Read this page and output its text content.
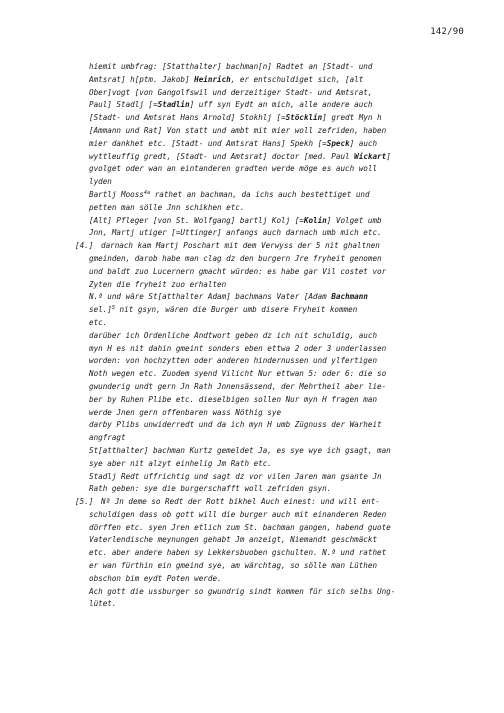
142/90
hiemit umbfrag: [Statthalter] bachman[n] Radtet an [Stadt- und
Amtsrat] h[ptm. Jakob] Heinrich, er entschuldiget sich, [alt
Ober]vogt [von Gangolfswil und derzeitiger Stadt- und Amtsrat,
Paul] Stadlj [=Stadlin] uff syn Eydt an mich, alle andere auch
[Stadt- und Amtsrat Hans Arnold] Stokhlj [=Stöcklin] gredt Myn h
[Ammann und Rat] Von statt und ambt mit mier woll zefriden, haben
mier dankhet etc. [Stadt- und Amtsrat Hans] Spekh [=Speck] auch
wyttleuffig gredt, [Stadt- und Amtsrat] doctor [med. Paul Wickart]
gvolget oder wan an eintanderen gradten werde möge es auch woll
lyden
Bartlj Mooss$^{4a}$ rathet an bachman, da ichs auch bestettiget und
petten man sölle Jnn schikhen etc.
[Alt] Pfleger [von St. Wolfgang] bartlj Kolj [=Kolin] Volget umb
Jnn, Martj utiger [=Uttinger] anfangs auch darnach umb mich etc.
[4.] darnach kam Martj Poschart mit dem Verwyss der 5 nit ghaltnen
gmeinden, darob habe man clag dz den burgern Jre fryheit genomen
und baldt zuo Lucernern gmacht würden: es habe gar Vil costet vor
Zyten die fryheit zuo erhalten
N.ª und wäre St[atthalter Adam] bachmans Vater [Adam Bachmann
sel.]$^5$ nit gsyn, wären die Burger umb disere Fryheit kommen
etc.
darüber ich Ordenliche Andtwort geben dz ich nit schuldig, auch
myn H es nit dahin gmeint sonders eben ettwa 2 oder 3 underlassen
worden: von hochzytten oder anderen hindernussen und ylfertigen
Noth wegen etc. Zuodem syend Vilicht Nur ettwan 5: oder 6: die so
gwunderig undt gern Jn Rath Jnnensässend, der Mehrtheil aber lie-
ber by Ruhen Plibe etc. dieselbigen sollen Nur myn H fragen man
werde Jnen gern offenbaren wass Nöthig sye
darby Plibs unwiderredt und da ich myn H umb Zügnuss der Warheit
angfragt
St[atthalter] bachman Kurtz gemeldet Ja, es sye wye ich gsagt, man
sye aber nit alzyt einhelig Jm Rath etc.
Stadlj Redt uffrichtig und sagt dz vor vilen Jaren man gsante Jn
Rath geben: sye die burgerschafft woll zefriden gsyn.
[5.] Nª Jn deme so Redt der Rott bikhel Auch einest: und will ent-
schuldigen dass ob gott will die burger auch mit einanderen Reden
dörffen etc. syen Jren etlich zum St. bachman gangen, habend guote
Vaterlendische meynungen gehabt Jm anzeigt, Niemandt geschmäckt
etc. aber andere haben sy Lekkersbuoben gschulten. N.ª und rathet
er wan fürthin ein gmeind sye, am wärchtag, so sölle man Lüthen
obschon bim eydt Poten werde.
Ach gott die ussburger so gwundrig sindt kommen für sich selbs Ung-
lütet.
